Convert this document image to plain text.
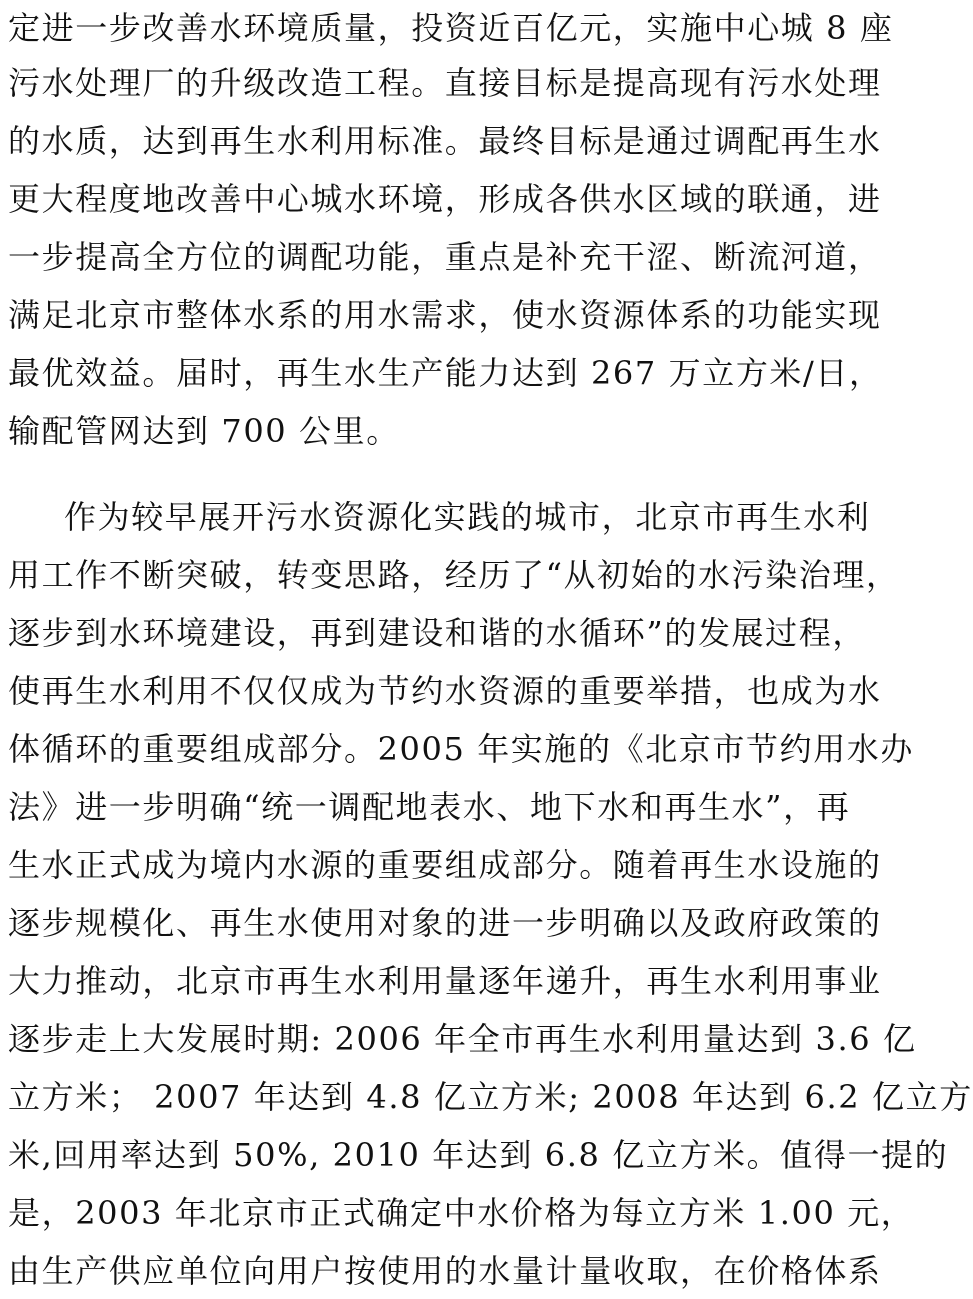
定进一步改善水环境质量，投资近百亿元，实施中心城 8 座
污水处理厂的升级改造工程。直接目标是提高现有污水处理
的水质，达到再生水利用标准。最终目标是通过调配再生水
更大程度地改善中心城水环境，形成各供水区域的联通，进
一步提高全方位的调配功能，重点是补充干涩、断流河道，
满足北京市整体水系的用水需求，使水资源体系的功能实现
最优效益。届时，再生水生产能力达到 267 万立方米/日，
输配管网达到 700 公里。
作为较早展开污水资源化实践的城市，北京市再生水利
用工作不断突破，转变思路，经历了“从初始的水污染治理，
逐步到水环境建设，再到建设和谐的水循环”的发展过程，
使再生水利用不仅仅成为节约水资源的重要举措，也成为水
体循环的重要组成部分。2005 年实施的《北京市节约用水办
法》进一步明确“统一调配地表水、地下水和再生水”，再
生水正式成为境内水源的重要组成部分。随着再生水设施的
逐步规模化、再生水使用对象的进一步明确以及政府政策的
大力推动，北京市再生水利用量逐年递升，再生水利用事业
逐步走上大发展时期: 2006 年全市再生水利用量达到 3.6 亿
立方米； 2007 年达到 4.8 亿立方米; 2008 年达到 6.2 亿立方
米,回用率达到 50%, 2010 年达到 6.8 亿立方米。值得一提的
是，2003 年北京市正式确定中水价格为每立方米 1.00 元，
由生产供应单位向用户按使用的水量计量收取，在价格体系
